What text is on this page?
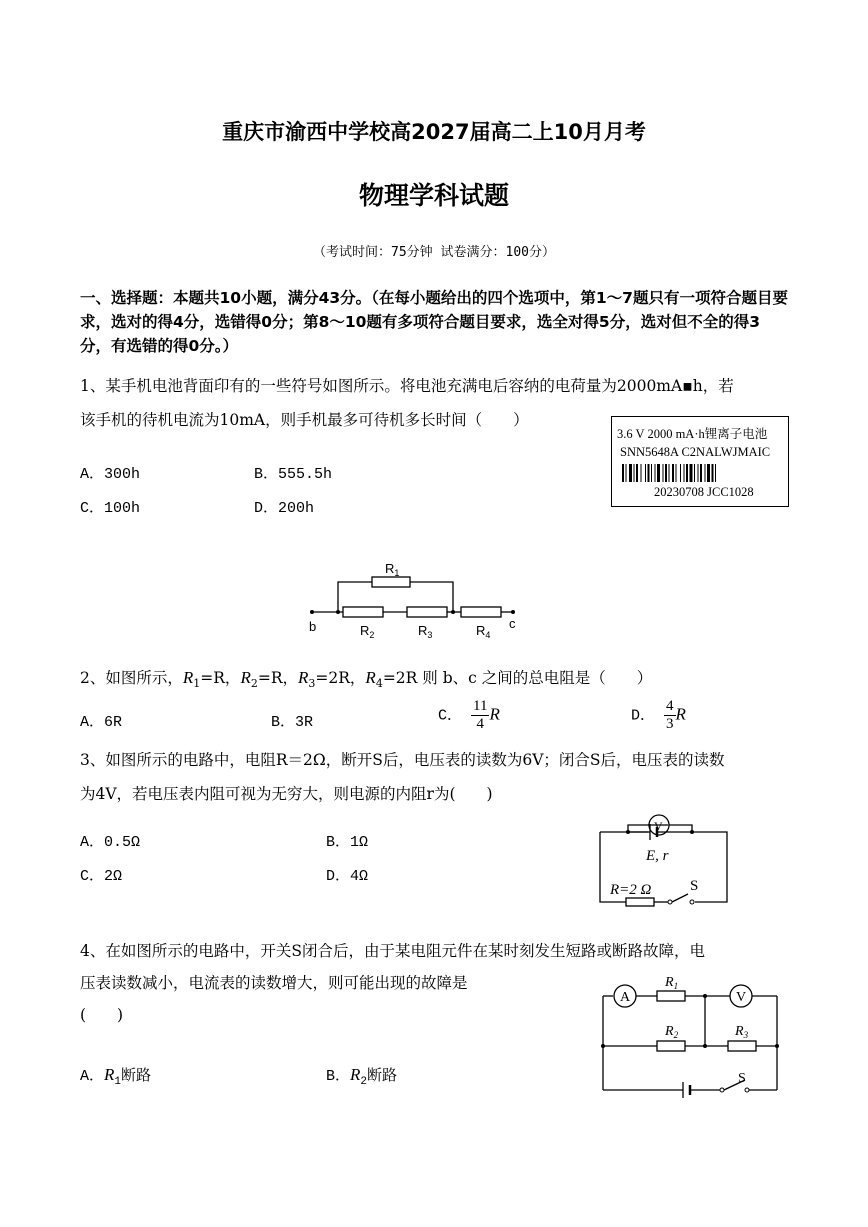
重庆市渝西中学校高2027届高二上10月月考
物理学科试题
（考试时间：75分钟 试卷满分：100分）
一、选择题：本题共10小题，满分43分。（在每小题给出的四个选项中，第1～7题只有一项符合题目要求，选对的得4分，选错得0分；第8～10题有多项符合题目要求，选全对得5分，选对但不全的得3分，有选错的得0分。）
1、某手机电池背面印有的一些符号如图所示。将电池充满电后容纳的电荷量为2000mA▪h，若
该手机的待机电流为10mA，则手机最多可待机多长时间（　　）
A．300h	B．555.5h
C．100h	D．200h
3.6 V 2000 mA·h锂离子电池
SNN5648A C2NALWJMAIC
20230708 JCC1028
b	c
$R_1$
$R_2$	$R_3$	$R_4$
2、如图所示，$R_1=R$，$R_2=R$，$R_3=2R$，$R_4=2R$ 则 b、c 之间的总电阻是（　　）
A．6R	B．3R	C． $\frac{11}{4}$ R	D． $\frac{4}{3}$ R
3、如图所示的电路中，电阻R＝2Ω，断开S后，电压表的读数为6V；闭合S后，电压表的读数
为4V，若电压表内阻可视为无穷大，则电源的内阻r为(　　)
A．0.5Ω	B．1Ω
C．2Ω	D．4Ω
V
E, r
R=2 Ω	S
4、在如图所示的电路中，开关S闭合后，由于某电阻元件在某时刻发生短路或断路故障，电
压表读数减小，电流表的读数增大，则可能出现的故障是
(　　)
A．$R_1$断路	B．$R_2$断路
A	V
$R_1$
$R_2$	$R_3$
S
